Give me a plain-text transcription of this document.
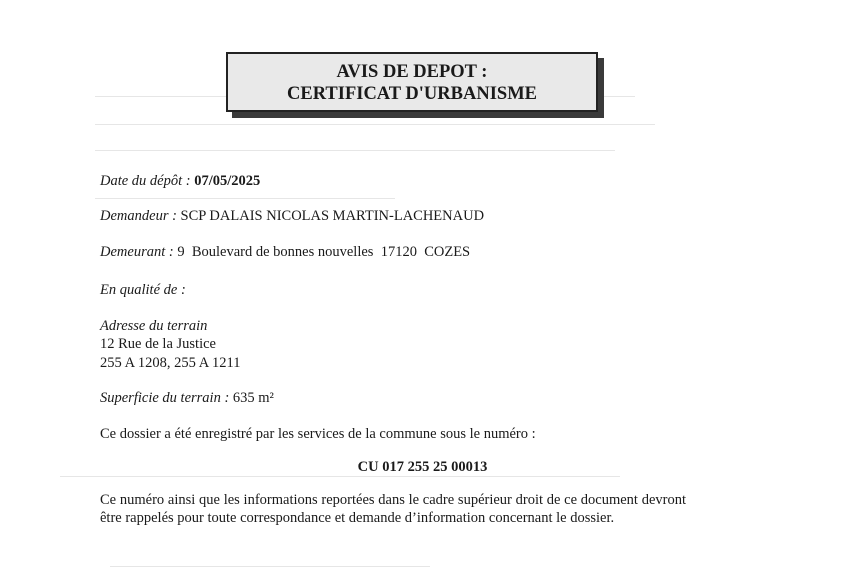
AVIS DE DEPOT :
CERTIFICAT D'URBANISME
Date du dépôt : 07/05/2025
Demandeur : SCP DALAIS NICOLAS MARTIN-LACHENAUD
Demeurant : 9  Boulevard de bonnes nouvelles  17120  COZES
En qualité de :
Adresse du terrain
12 Rue de la Justice
255 A 1208, 255 A 1211
Superficie du terrain : 635 m²
Ce dossier a été enregistré par les services de la commune sous le numéro :
CU 017 255 25 00013
Ce numéro ainsi que les informations reportées dans le cadre supérieur droit de ce document devront être rappelés pour toute correspondance et demande d’information concernant le dossier.
